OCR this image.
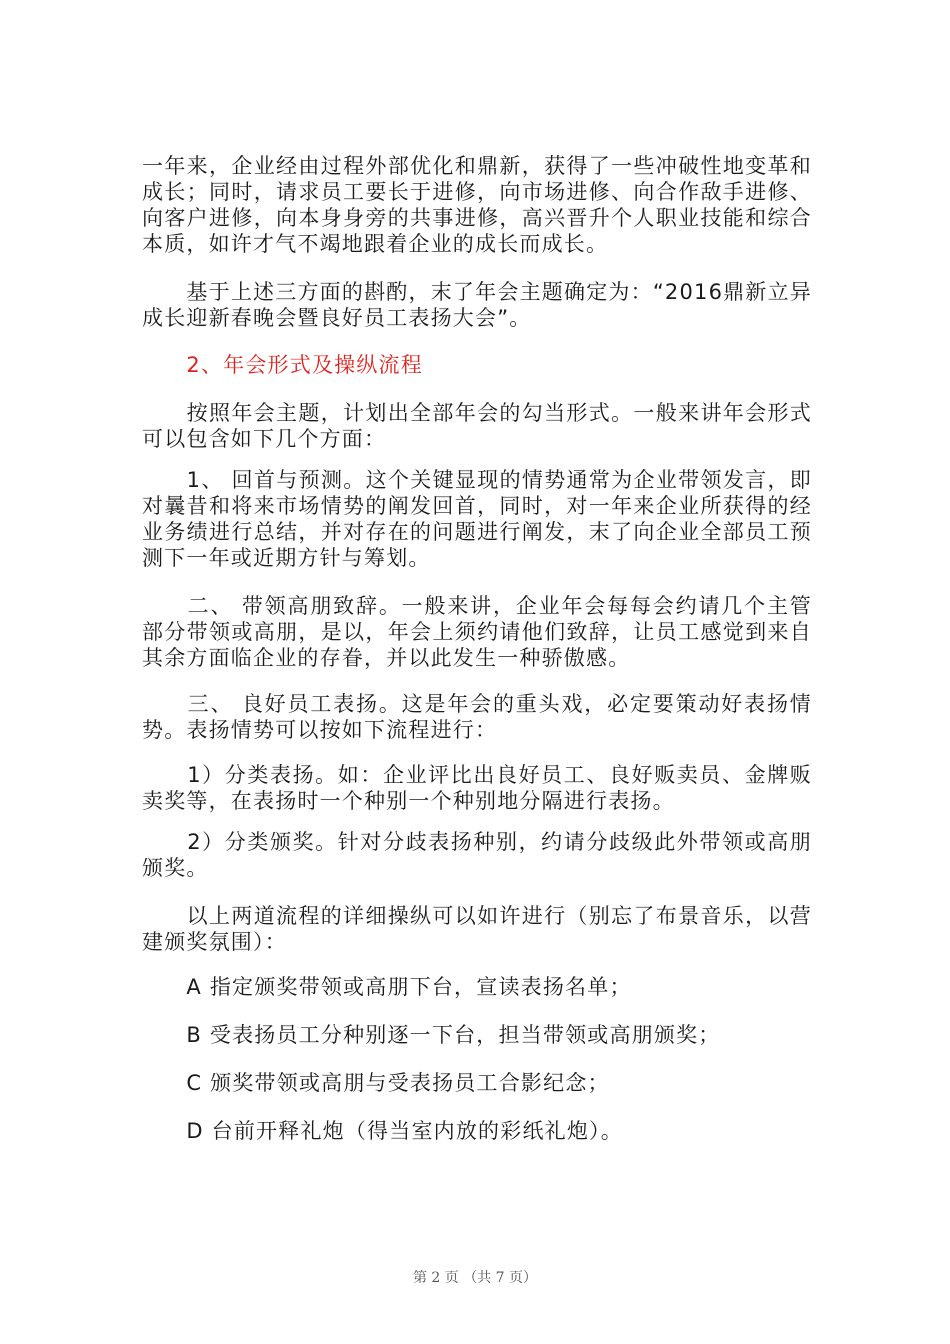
一年来，企业经由过程外部优化和鼎新，获得了一些冲破性地变革和成长；同时，请求员工要长于进修，向市场进修、向合作敌手进修、向客户进修，向本身身旁的共事进修，高兴晋升个人职业技能和综合本质，如许才气不竭地跟着企业的成长而成长。

　　基于上述三方面的斟酌，末了年会主题确定为：“2016鼎新立异成长迎新春晚会暨良好员工表扬大会”。

　　2、年会形式及操纵流程

　　按照年会主题，计划出全部年会的勾当形式。一般来讲年会形式可以包含如下几个方面：

　　1、 回首与预测。这个关键显现的情势通常为企业带领发言，即对曩昔和将来市场情势的阐发回首，同时，对一年来企业所获得的经业务绩进行总结，并对存在的问题进行阐发，末了向企业全部员工预测下一年或近期方针与筹划。

　　二、 带领高朋致辞。一般来讲，企业年会每每会约请几个主管部分带领或高朋，是以，年会上须约请他们致辞，让员工感觉到来自其余方面临企业的存眷，并以此发生一种骄傲感。

　　三、 良好员工表扬。这是年会的重头戏，必定要策动好表扬情势。表扬情势可以按如下流程进行：

　　1）分类表扬。如：企业评比出良好员工、良好贩卖员、金牌贩卖奖等，在表扬时一个种别一个种别地分隔进行表扬。

　　2）分类颁奖。针对分歧表扬种别，约请分歧级此外带领或高朋颁奖。

　　以上两道流程的详细操纵可以如许进行（别忘了布景音乐，以营建颁奖氛围）：

　　A 指定颁奖带领或高朋下台，宣读表扬名单；

　　B 受表扬员工分种别逐一下台，担当带领或高朋颁奖；

　　C 颁奖带领或高朋与受表扬员工合影纪念；

　　D 台前开释礼炮（得当室内放的彩纸礼炮）。

第 2 页 （共 7 页）
